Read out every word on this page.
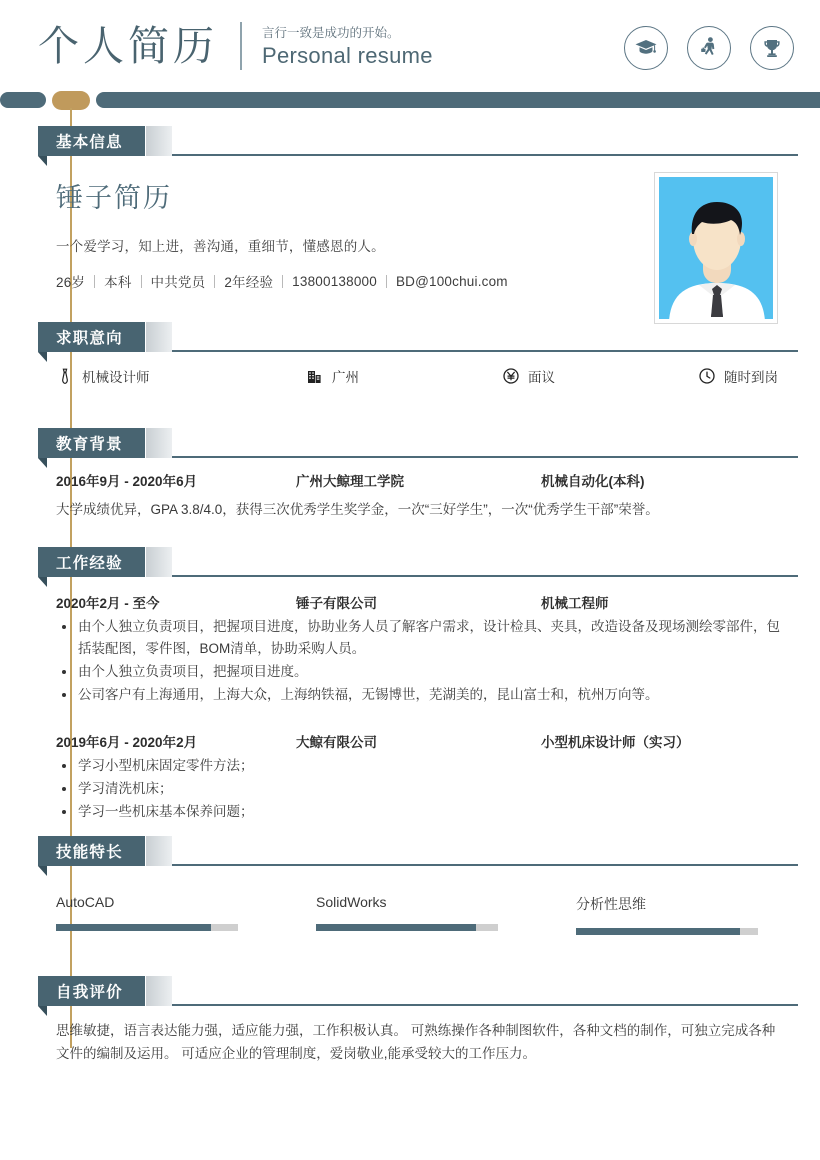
个人简历	言行一致是成功的开始。
Personal resume
基本信息
锤子简历
一个爱学习，知上进，善沟通，重细节，懂感恩的人。
26岁 本科 中共党员 2年经验 13800138000 BD@100chui.com
求职意向
机械设计师	广州	面议	随时到岗
教育背景
2016年9月 - 2020年6月	广州大鲸理工学院	机械自动化(本科)
大学成绩优异，GPA 3.8/4.0，获得三次优秀学生奖学金，一次“三好学生”，一次“优秀学生干部”荣誉。
工作经验
2020年2月 - 至今	锤子有限公司	机械工程师
由个人独立负责项目，把握项目进度，协助业务人员了解客户需求，设计检具、夹具，改造设备及现场测绘零部件，包括装配图，零件图，BOM清单，协助采购人员。
由个人独立负责项目，把握项目进度。
公司客户有上海通用，上海大众，上海纳铁福，无锡博世，芜湖美的，昆山富士和，杭州万向等。
2019年6月 - 2020年2月	大鲸有限公司	小型机床设计师（实习）
学习小型机床固定零件方法；
学习清洗机床；
学习一些机床基本保养问题；
技能特长
AutoCAD	SolidWorks	分析性思维
自我评价
思维敏捷，语言表达能力强，适应能力强，工作积极认真。 可熟练操作各种制图软件，各种文档的制作，可独立完成各种文件的编制及运用。 可适应企业的管理制度，爱岗敬业,能承受较大的工作压力。
